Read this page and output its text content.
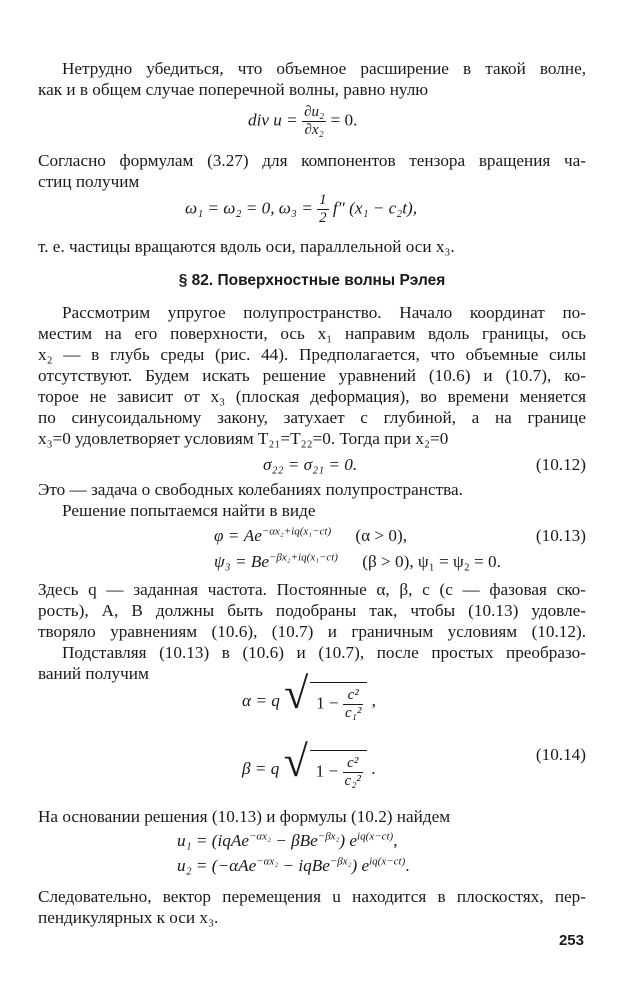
Нетрудно убедиться, что объемное расширение в такой волне,
как и в общем случае поперечной волны, равно нулю
div $u = \frac{\text{∂u₂}}{\text{∂x₂}} = 0$.
Согласно формулам (3.27) для компонентов тензора вращения ча-
стиц получим
ω₁ = ω₂ = 0, $\omega_3 = \frac{1}{2} f''$ (x₁ − c₂t),
т. е. частицы вращаются вдоль оси, параллельной оси x₃.
§ 82. Поверхностные волны Рэлея
Рассмотрим упругое полупространство. Начало координат по-
местим на его поверхности, ось x₁ направим вдоль границы, ось
x₂ — в глубь среды (рис. 44). Предполагается, что объемные силы
отсутствуют. Будем искать решение уравнений (10.6) и (10.7), ко-
торое не зависит от x₃ (плоская деформация), во времени меняется
по синусоидальному закону, затухает с глубиной, а на границе
x₃=0 удовлетворяет условиям T₂₁=T₂₂=0. Тогда при x₂=0
σ₂₂ = σ₂₁ = 0.	(10.12)
Это — задача о свободных колебаниях полупространства.
Решение попытаемся найти в виде
$\varphi = Ae^{-\alpha x_2+iq(x_1-ct)}$ (α > 0),	(10.13)
$\psi_3 = Be^{-\beta x_2+iq(x_1-ct)}$ (β > 0), ψ₁ = ψ₂ = 0.
Здесь q — заданная частота. Постоянные α, β, c (c — фазовая ско-
рость), A, B должны быть подобраны так, чтобы (10.13) удовле-
творяло уравнениям (10.6), (10.7) и граничным условиям (10.12).
Подставляя (10.13) в (10.6) и (10.7), после простых преобразо-
ваний получим
α = q √ $1 - \frac{\text{c²}}{\text{c₁²}}$ ,
(10.14)
β = q √ $1 - \frac{\text{c²}}{\text{c₂²}}$ .
На основании решения (10.13) и формулы (10.2) найдем
u₁ = (iqAe$^{-\alpha x_2}$ − βBe$^{-\beta x_2}$) $e^{iq(x-ct)}$,
u₂ = (−αAe$^{-\alpha x_2}$ − iqBe$^{-\beta x_2}$) $e^{iq(x-ct)}$.
Следовательно, вектор перемещения u находится в плоскостях, пер-
пендикулярных к оси x₃.
253
